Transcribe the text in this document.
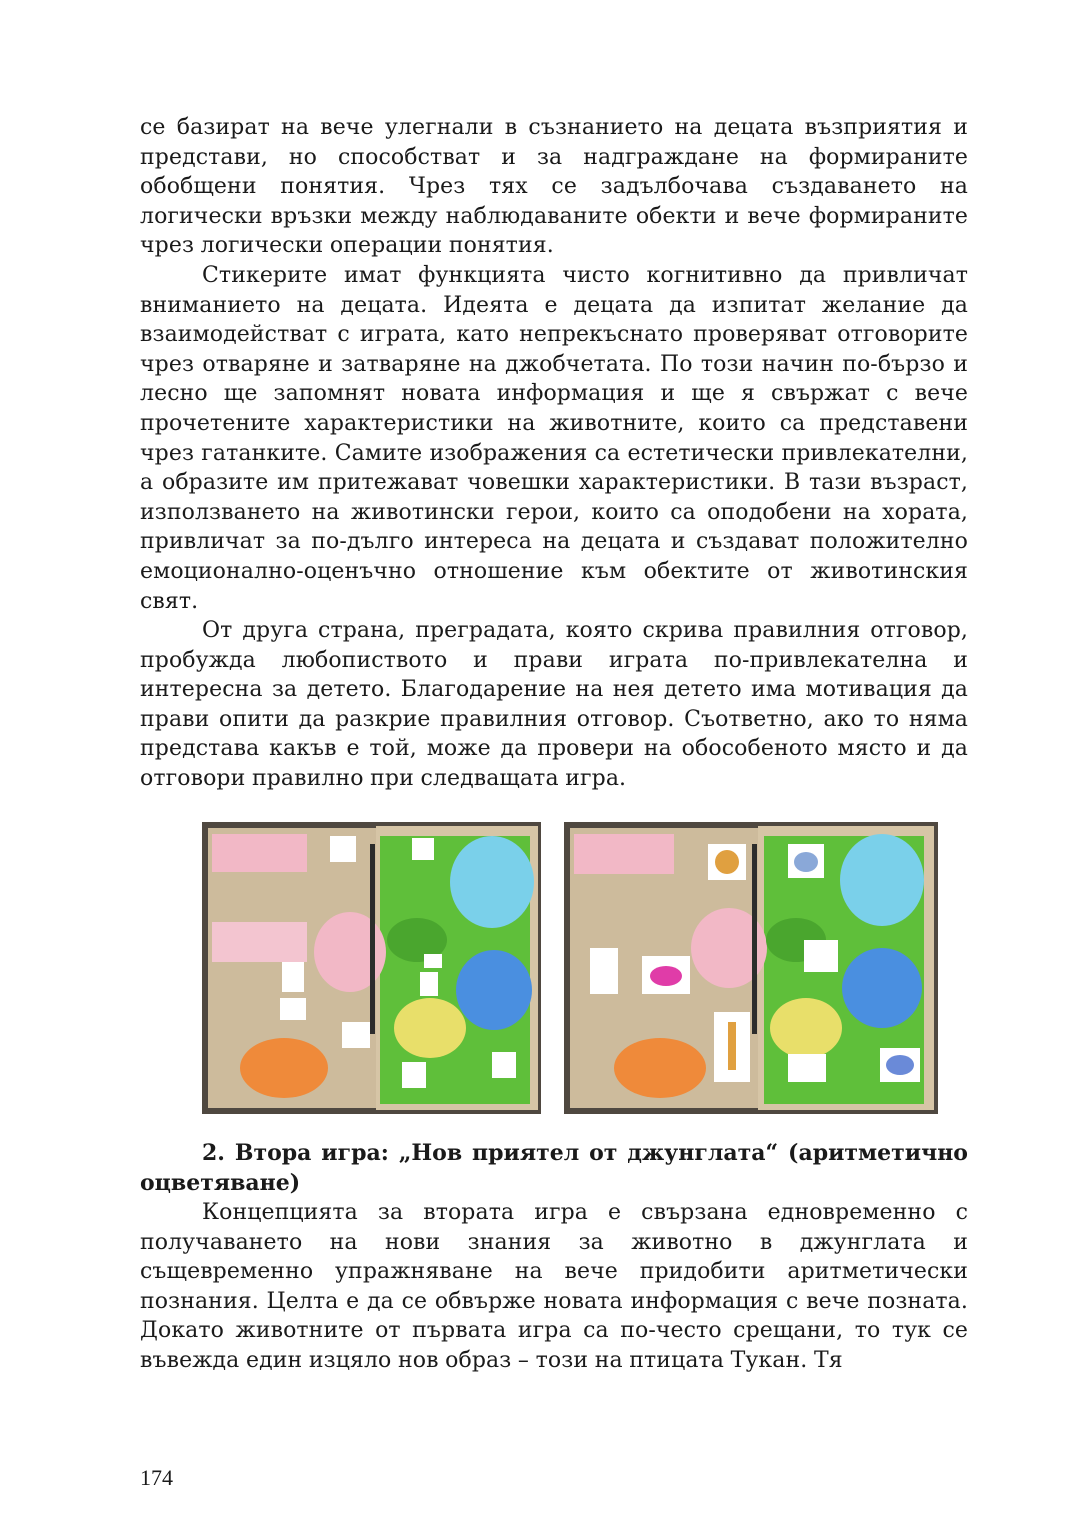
се базират на вече улегнали в съзнанието на децата възприятия и представи, но способстват и за надграждане на формираните обобщени понятия. Чрез тях се задълбочава създаването на логически връзки между наблюдаваните обекти и вече формираните чрез логически операции понятия.

Стикерите имат функцията чисто когнитивно да привличат вниманието на децата. Идеята е децата да изпитат желание да взаимодействат с играта, като непрекъснато проверяват отговорите чрез отваряне и затваряне на джобчетата. По този начин по-бързо и лесно ще запомнят новата информация и ще я свържат с вече прочетените характеристики на животните, които са представени чрез гатанките. Самите изображения са естетически привлекателни, а образите им притежават човешки характеристики. В тази възраст, използването на животински герои, които са оподобени на хората, привличат за по-дълго интереса на децата и създават положително емоционално-оценъчно отношение към обектите от животинския свят.

От друга страна, преградата, която скрива правилния отговор, пробужда любопиството и прави играта по-привлекателна и интересна за детето. Благодарение на нея детето има мотивация да прави опити да разкрие правилния отговор. Съответно, ако то няма представа какъв е той, може да провери на обособеното място и да отговори правилно при следващата игра.

2. Втора игра: „Нов приятел от джунглата“ (аритметично оцветяване)

Концепцията за втората игра е свързана едновременно с получаването на нови знания за животно в джунглата и същевременно упражняване на вече придобити аритметически познания. Целта е да се обвърже новата информация с вече позната. Докато животните от първата игра са по-често срещани, то тук се въвежда един изцяло нов образ – този на птицата Тукан. Тя

174
